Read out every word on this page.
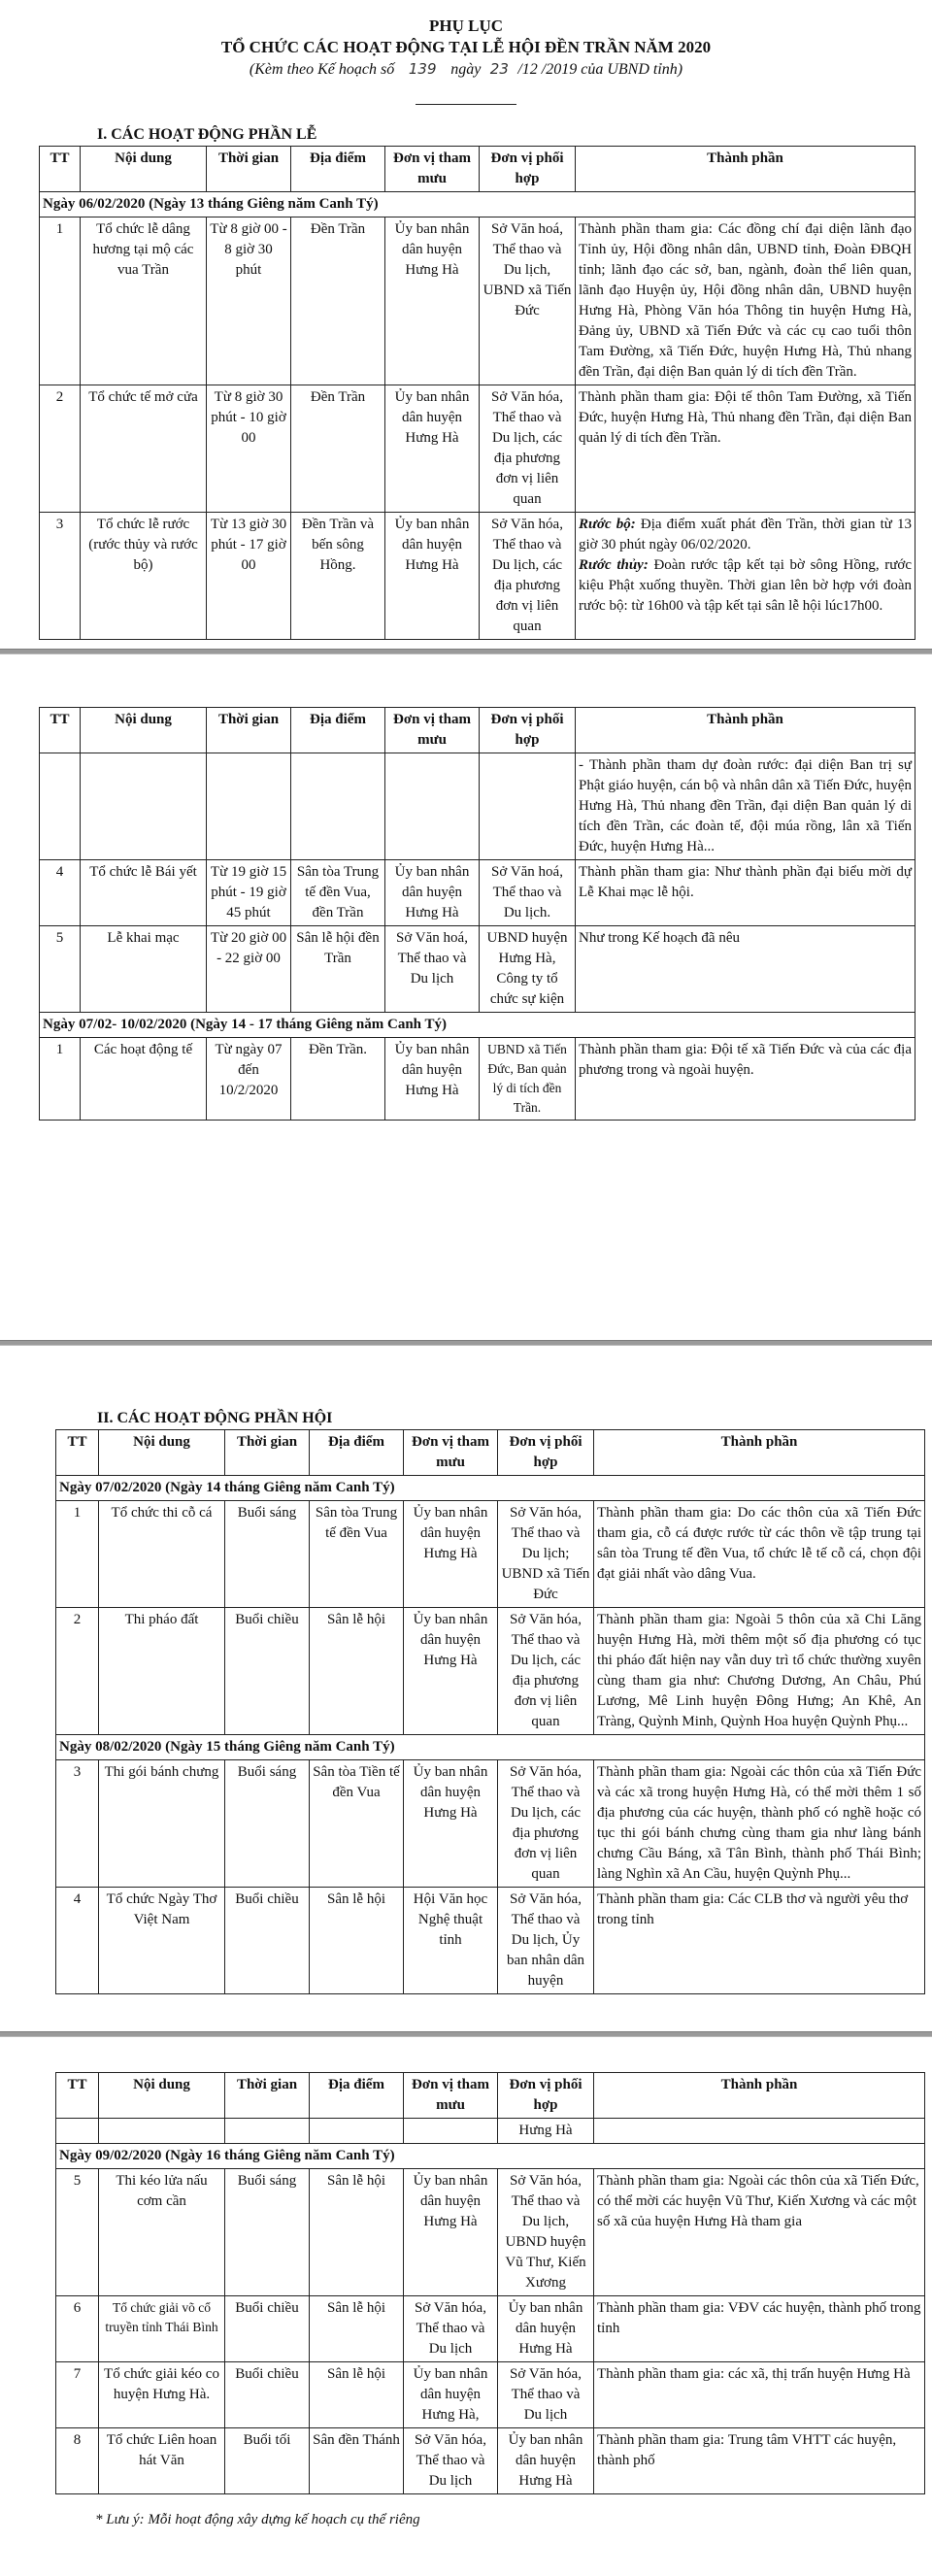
PHỤ LỤC
TỔ CHỨC CÁC HOẠT ĐỘNG TẠI LỄ HỘI ĐỀN TRẦN NĂM 2020
(Kèm theo Kế hoạch số 139 ngày 23 /12 /2019 của UBND tỉnh)
I. CÁC HOẠT ĐỘNG PHẦN LỄ
TT	Nội dung	Thời gian	Địa điểm	Đơn vị tham mưu	Đơn vị phối hợp	Thành phần
Ngày 06/02/2020 (Ngày 13 tháng Giêng năm Canh Tý)						
1	Tổ chức lễ dâng hương tại mộ các vua Trần	Từ 8 giờ 00 - 8 giờ 30 phút	Đền Trần	Ủy ban nhân dân huyện Hưng Hà	Sở Văn hoá, Thể thao và Du lịch, UBND xã Tiến Đức	Thành phần tham gia: Các đồng chí đại diện lãnh đạo Tỉnh ủy, Hội đồng nhân dân, UBND tỉnh, Đoàn ĐBQH tỉnh; lãnh đạo các sở, ban, ngành, đoàn thể liên quan, lãnh đạo Huyện ủy, Hội đồng nhân dân, UBND huyện Hưng Hà, Phòng Văn hóa Thông tin huyện Hưng Hà, Đảng ủy, UBND xã Tiến Đức và các cụ cao tuổi thôn Tam Đường, xã Tiến Đức, huyện Hưng Hà, Thủ nhang đền Trần, đại diện Ban quản lý di tích đền Trần.
2	Tổ chức tế mở cửa	Từ 8 giờ 30 phút - 10 giờ 00	Đền Trần	Ủy ban nhân dân huyện Hưng Hà	Sở Văn hóa, Thể thao và Du lịch, các địa phương đơn vị liên quan	Thành phần tham gia: Đội tế thôn Tam Đường, xã Tiến Đức, huyện Hưng Hà, Thủ nhang đền Trần, đại diện Ban quản lý di tích đền Trần.
3	Tổ chức lễ rước (rước thủy và rước bộ)	Từ 13 giờ 30 phút - 17 giờ 00	Đền Trần và bến sông Hồng.	Ủy ban nhân dân huyện Hưng Hà	Sở Văn hóa, Thể thao và Du lịch, các địa phương đơn vị liên quan	Rước bộ: Địa điểm xuất phát đền Trần, thời gian từ 13 giờ 30 phút ngày 06/02/2020.
Rước thủy: Đoàn rước tập kết tại bờ sông Hồng, rước kiệu Phật xuống thuyền. Thời gian lên bờ hợp với đoàn rước bộ: từ 16h00 và tập kết tại sân lễ hội lúc17h00.
TT	Nội dung	Thời gian	Địa điểm	Đơn vị tham mưu	Đơn vị phối hợp	Thành phần
						- Thành phần tham dự đoàn rước: đại diện Ban trị sự Phật giáo huyện, cán bộ và nhân dân xã Tiến Đức, huyện Hưng Hà, Thủ nhang đền Trần, đại diện Ban quản lý di tích đền Trần, các đoàn tế, đội múa rồng, lân xã Tiến Đức, huyện Hưng Hà...
4	Tổ chức lễ Bái yết	Từ 19 giờ 15 phút - 19 giờ 45 phút	Sân tòa Trung tế đền Vua, đền Trần	Ủy ban nhân dân huyện Hưng Hà	Sở Văn hoá, Thể thao và Du lịch.	Thành phần tham gia: Như thành phần đại biểu mời dự Lễ Khai mạc lễ hội.
5	Lễ khai mạc	Từ 20 giờ 00 - 22 giờ 00	Sân lễ hội đền Trần	Sở Văn hoá, Thể thao và Du lịch	UBND huyện Hưng Hà, Công ty tổ chức sự kiện	Như trong Kế hoạch đã nêu
Ngày 07/02- 10/02/2020 (Ngày 14 - 17 tháng Giêng năm Canh Tý)						
1	Các hoạt động tế	Từ ngày 07 đến 10/2/2020	Đền Trần.	Ủy ban nhân dân huyện Hưng Hà	UBND xã Tiến Đức, Ban quản lý di tích đền Trần.	Thành phần tham gia: Đội tế xã Tiến Đức và của các địa phương trong và ngoài huyện.
II. CÁC HOẠT ĐỘNG PHẦN HỘI
TT	Nội dung	Thời gian	Địa điểm	Đơn vị tham mưu	Đơn vị phối hợp	Thành phần
Ngày 07/02/2020 (Ngày 14 tháng Giêng năm Canh Tý)						
1	Tổ chức thi cỗ cá	Buổi sáng	Sân tòa Trung tế đền Vua	Ủy ban nhân dân huyện Hưng Hà	Sở Văn hóa, Thể thao và Du lịch; UBND xã Tiến Đức	Thành phần tham gia: Do các thôn của xã Tiến Đức tham gia, cỗ cá được rước từ các thôn về tập trung tại sân tòa Trung tế đền Vua, tổ chức lễ tế cỗ cá, chọn đội đạt giải nhất vào dâng Vua.
2	Thi pháo đất	Buổi chiều	Sân lễ hội	Ủy ban nhân dân huyện Hưng Hà	Sở Văn hóa, Thể thao và Du lịch, các địa phương đơn vị liên quan	Thành phần tham gia: Ngoài 5 thôn của xã Chi Lăng huyện Hưng Hà, mời thêm một số địa phương có tục thi pháo đất hiện nay vẫn duy trì tổ chức thường xuyên cùng tham gia như: Chương Dương, An Châu, Phú Lương, Mê Linh huyện Đông Hưng; An Khê, An Tràng, Quỳnh Minh, Quỳnh Hoa huyện Quỳnh Phụ...
Ngày 08/02/2020 (Ngày 15 tháng Giêng năm Canh Tý)						
3	Thi gói bánh chưng	Buổi sáng	Sân tòa Tiền tế đền Vua	Ủy ban nhân dân huyện Hưng Hà	Sở Văn hóa, Thể thao và Du lịch, các địa phương đơn vị liên quan	Thành phần tham gia: Ngoài các thôn của xã Tiến Đức và các xã trong huyện Hưng Hà, có thể mời thêm 1 số địa phương của các huyện, thành phố có nghề hoặc có tục thi gói bánh chưng cùng tham gia như làng bánh chưng Cầu Báng, xã Tân Bình, thành phố Thái Bình; làng Nghìn xã An Cầu, huyện Quỳnh Phụ...
4	Tổ chức Ngày Thơ Việt Nam	Buổi chiều	Sân lễ hội	Hội Văn học Nghệ thuật tỉnh	Sở Văn hóa, Thể thao và Du lịch, Ủy ban nhân dân huyện	Thành phần tham gia: Các CLB thơ và người yêu thơ trong tỉnh
TT	Nội dung	Thời gian	Địa điểm	Đơn vị tham mưu	Đơn vị phối hợp	Thành phần
					Hưng Hà	
Ngày 09/02/2020 (Ngày 16 tháng Giêng năm Canh Tý)						
5	Thi kéo lửa nấu cơm cần	Buổi sáng	Sân lễ hội	Ủy ban nhân dân huyện Hưng Hà	Sở Văn hóa, Thể thao và Du lịch, UBND huyện Vũ Thư, Kiến Xương	Thành phần tham gia: Ngoài các thôn của xã Tiến Đức, có thể mời các huyện Vũ Thư, Kiến Xương và các một số xã của huyện Hưng Hà tham gia
6	Tổ chức giải võ cổ truyền tỉnh Thái Bình	Buổi chiều	Sân lễ hội	Sở Văn hóa, Thể thao và Du lịch	Ủy ban nhân dân huyện Hưng Hà	Thành phần tham gia: VĐV các huyện, thành phố trong tỉnh
7	Tổ chức giải kéo co huyện Hưng Hà.	Buổi chiều	Sân lễ hội	Ủy ban nhân dân huyện Hưng Hà,	Sở Văn hóa, Thể thao và Du lịch	Thành phần tham gia: các xã, thị trấn huyện Hưng Hà
8	Tổ chức Liên hoan hát Văn	Buổi tối	Sân đền Thánh	Sở Văn hóa, Thể thao và Du lịch	Ủy ban nhân dân huyện Hưng Hà	Thành phần tham gia: Trung tâm VHTT các huyện, thành phố
* Lưu ý: Mỗi hoạt động xây dựng kế hoạch cụ thể riêng
